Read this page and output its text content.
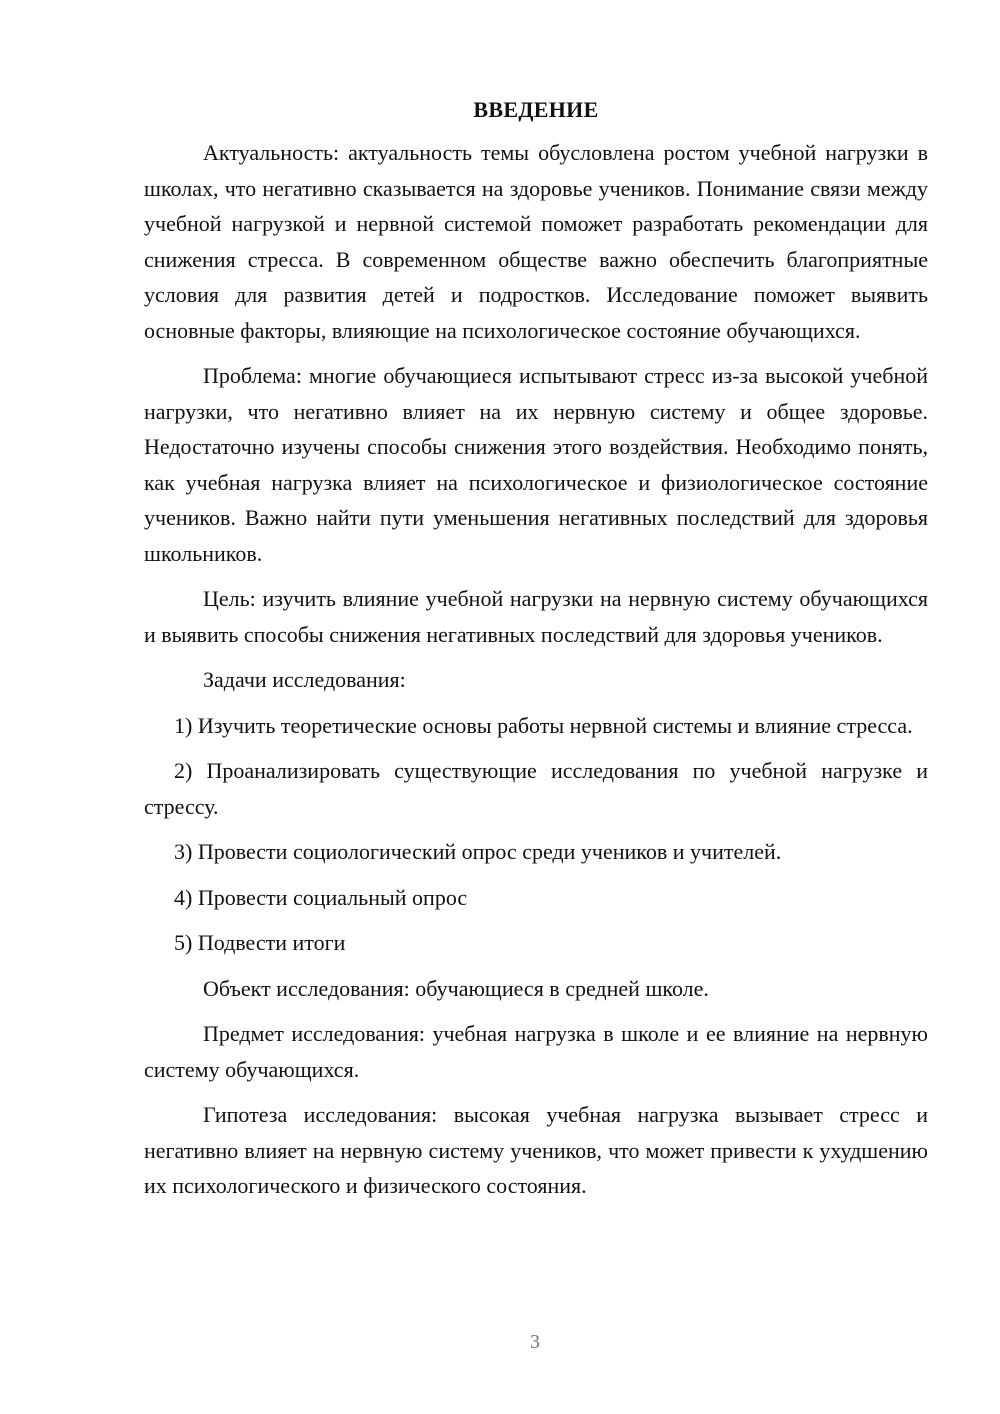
ВВЕДЕНИЕ

Актуальность: актуальность темы обусловлена ростом учебной нагрузки в школах, что негативно сказывается на здоровье учеников. Понимание связи между учебной нагрузкой и нервной системой поможет разработать рекомендации для снижения стресса. В современном обществе важно обеспечить благоприятные условия для развития детей и подростков. Исследование поможет выявить основные факторы, влияющие на психологическое состояние обучающихся.

Проблема: многие обучающиеся испытывают стресс из-за высокой учебной нагрузки, что негативно влияет на их нервную систему и общее здоровье. Недостаточно изучены способы снижения этого воздействия. Необходимо понять, как учебная нагрузка влияет на психологическое и физиологическое состояние учеников. Важно найти пути уменьшения негативных последствий для здоровья школьников.

Цель: изучить влияние учебной нагрузки на нервную систему обучающихся и выявить способы снижения негативных последствий для здоровья учеников.

Задачи исследования:

1) Изучить теоретические основы работы нервной системы и влияние стресса.

2) Проанализировать существующие исследования по учебной нагрузке и стрессу.

3) Провести социологический опрос среди учеников и учителей.

4) Провести социальный опрос

5) Подвести итоги

Объект исследования: обучающиеся в средней школе.

Предмет исследования: учебная нагрузка в школе и ее влияние на нервную систему обучающихся.

Гипотеза исследования: высокая учебная нагрузка вызывает стресс и негативно влияет на нервную систему учеников, что может привести к ухудшению их психологического и физического состояния.

3
